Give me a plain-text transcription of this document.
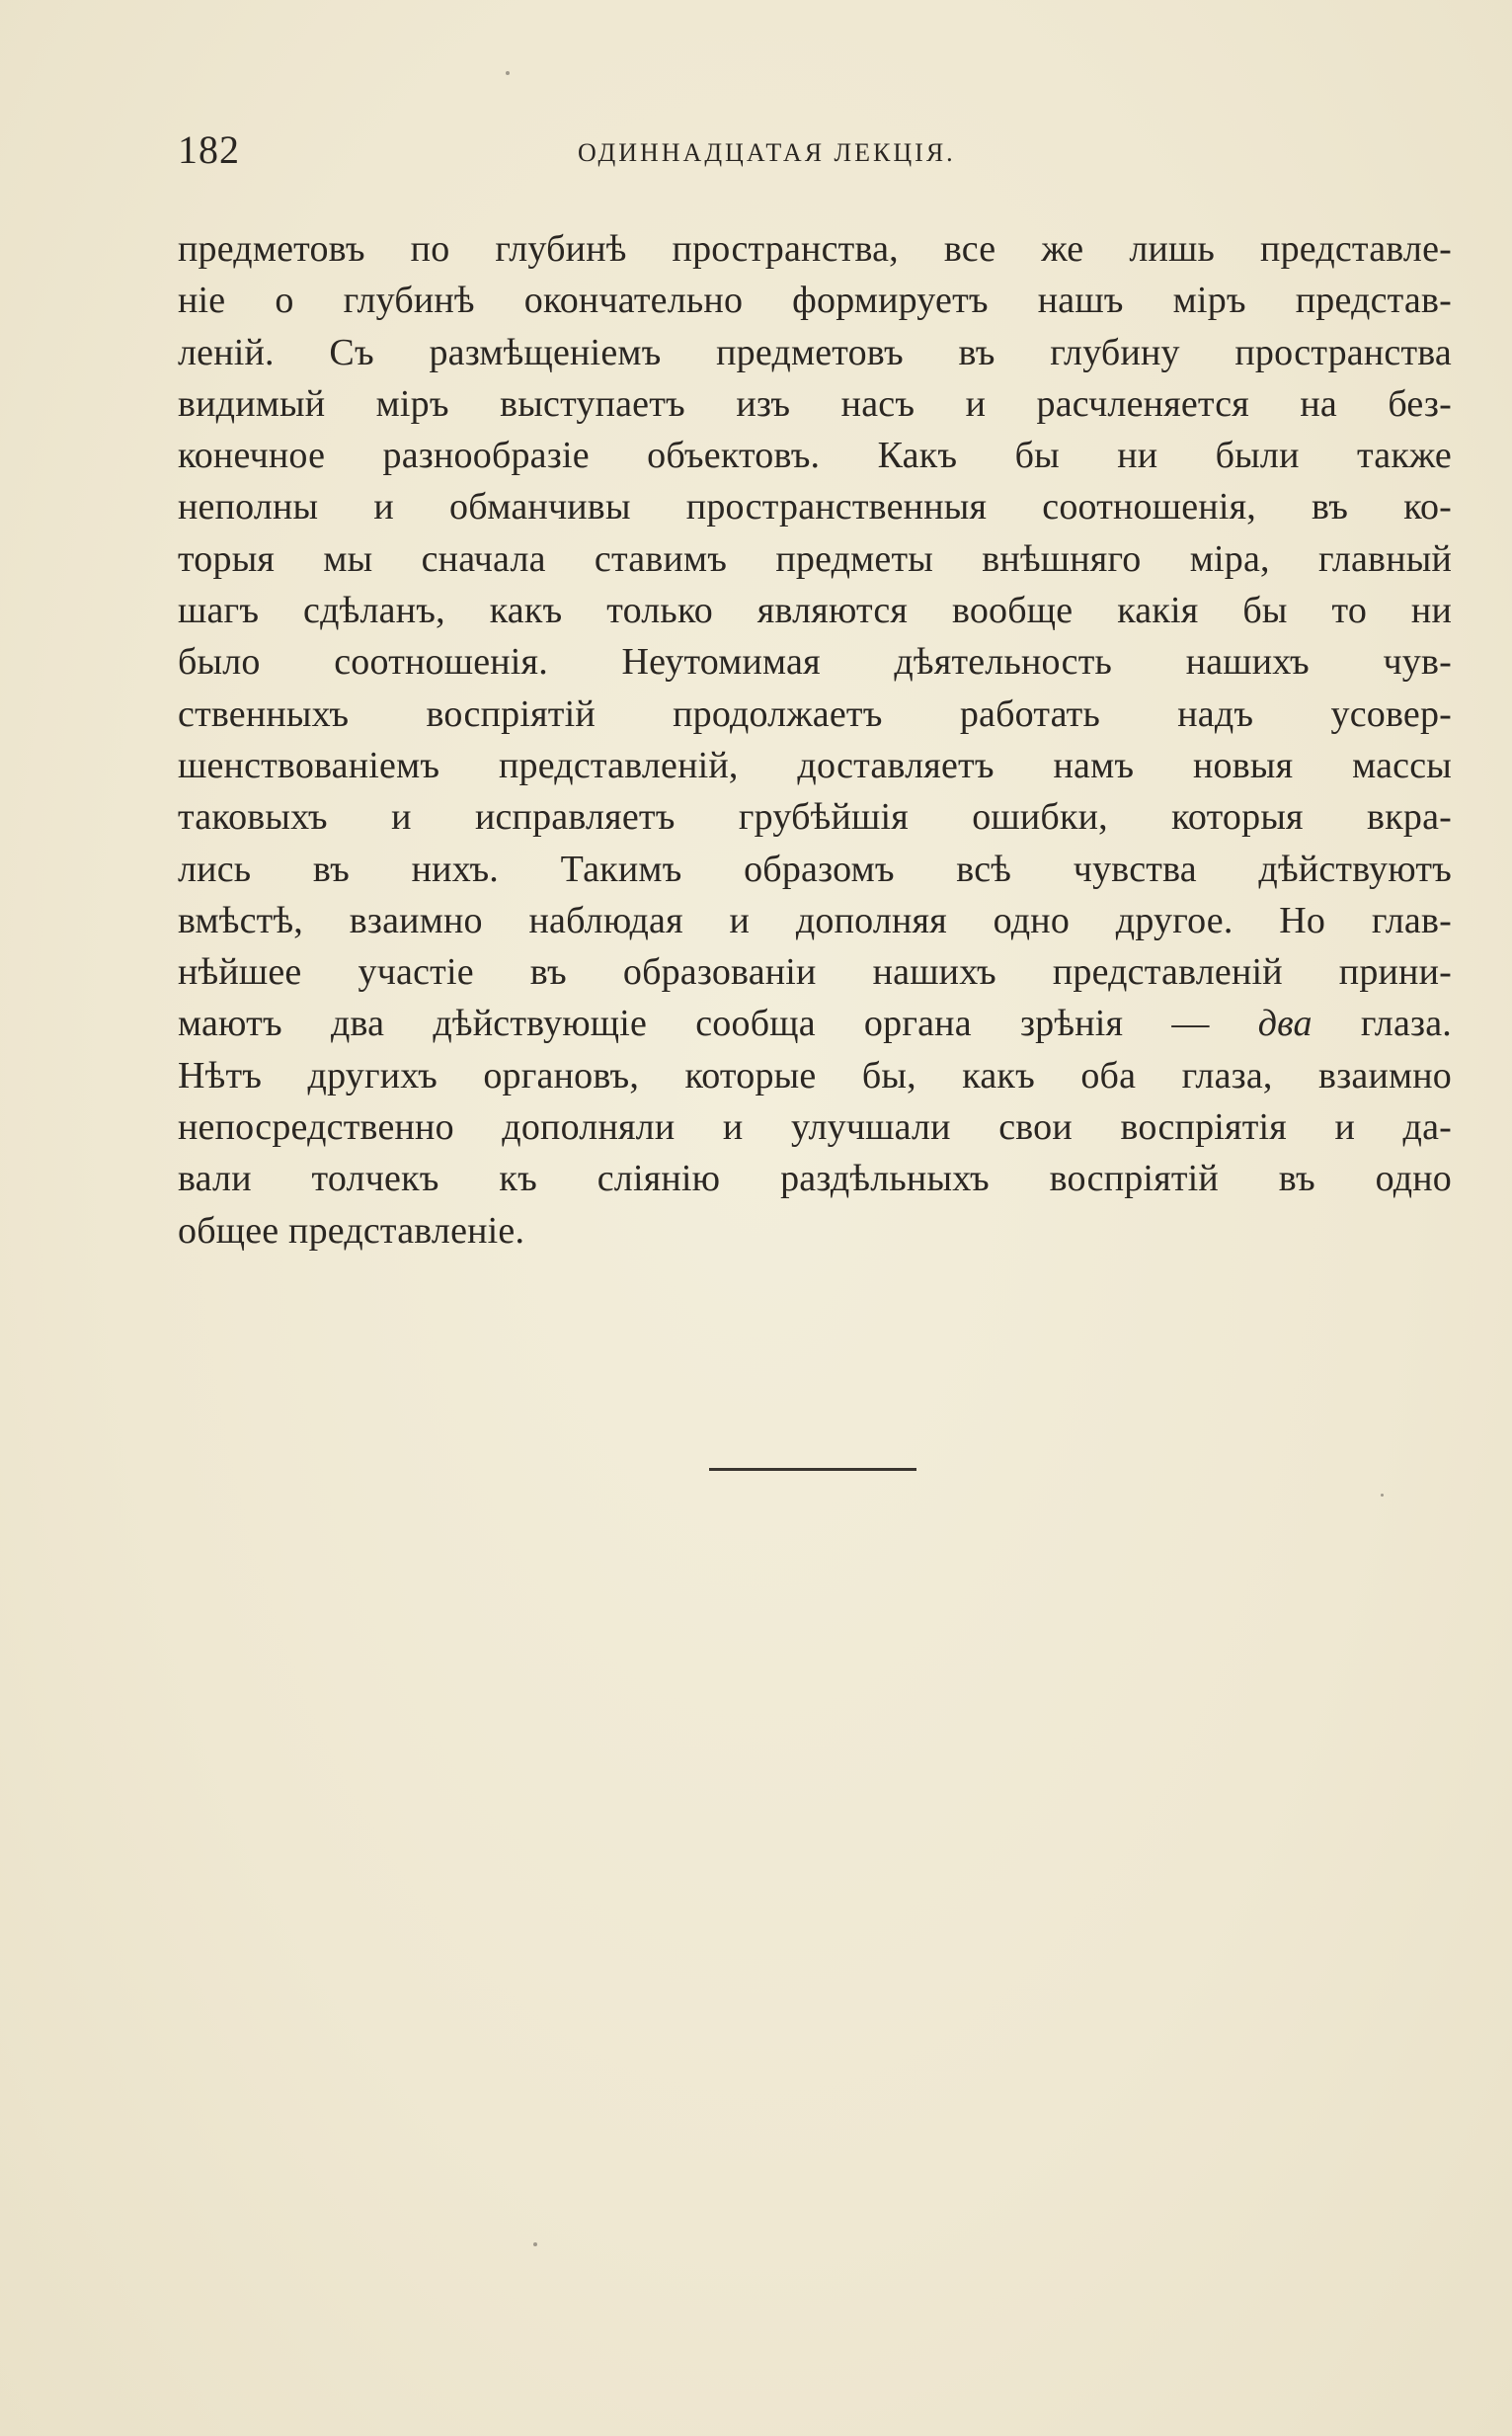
182	ОДИННАДЦАТАЯ ЛЕКЦІЯ.
предметовъ по глубинѣ пространства, все же лишь представле-
ніе о глубинѣ окончательно формируетъ нашъ міръ представ-
леній. Съ размѣщеніемъ предметовъ въ глубину пространства
видимый міръ выступаетъ изъ насъ и расчленяется на без-
конечное разнообразіе объектовъ. Какъ бы ни были также
неполны и обманчивы пространственныя соотношенія, въ ко-
торыя мы сначала ставимъ предметы внѣшняго міра, главный
шагъ сдѣланъ, какъ только являются вообще какія бы то ни
было соотношенія. Неутомимая дѣятельность нашихъ чув-
ственныхъ воспріятій продолжаетъ работать надъ усовер-
шенствованіемъ представленій, доставляетъ намъ новыя массы
таковыхъ и исправляетъ грубѣйшія ошибки, которыя вкра-
лись въ нихъ. Такимъ образомъ всѣ чувства дѣйствуютъ
вмѣстѣ, взаимно наблюдая и дополняя одно другое. Но глав-
нѣйшее участіе въ образованіи нашихъ представленій прини-
маютъ два дѣйствующіе сообща органа зрѣнія — два глаза.
Нѣтъ другихъ органовъ, которые бы, какъ оба глаза, взаимно
непосредственно дополняли и улучшали свои воспріятія и да-
вали толчекъ къ сліянію раздѣльныхъ воспріятій въ одно
общее представленіе.
